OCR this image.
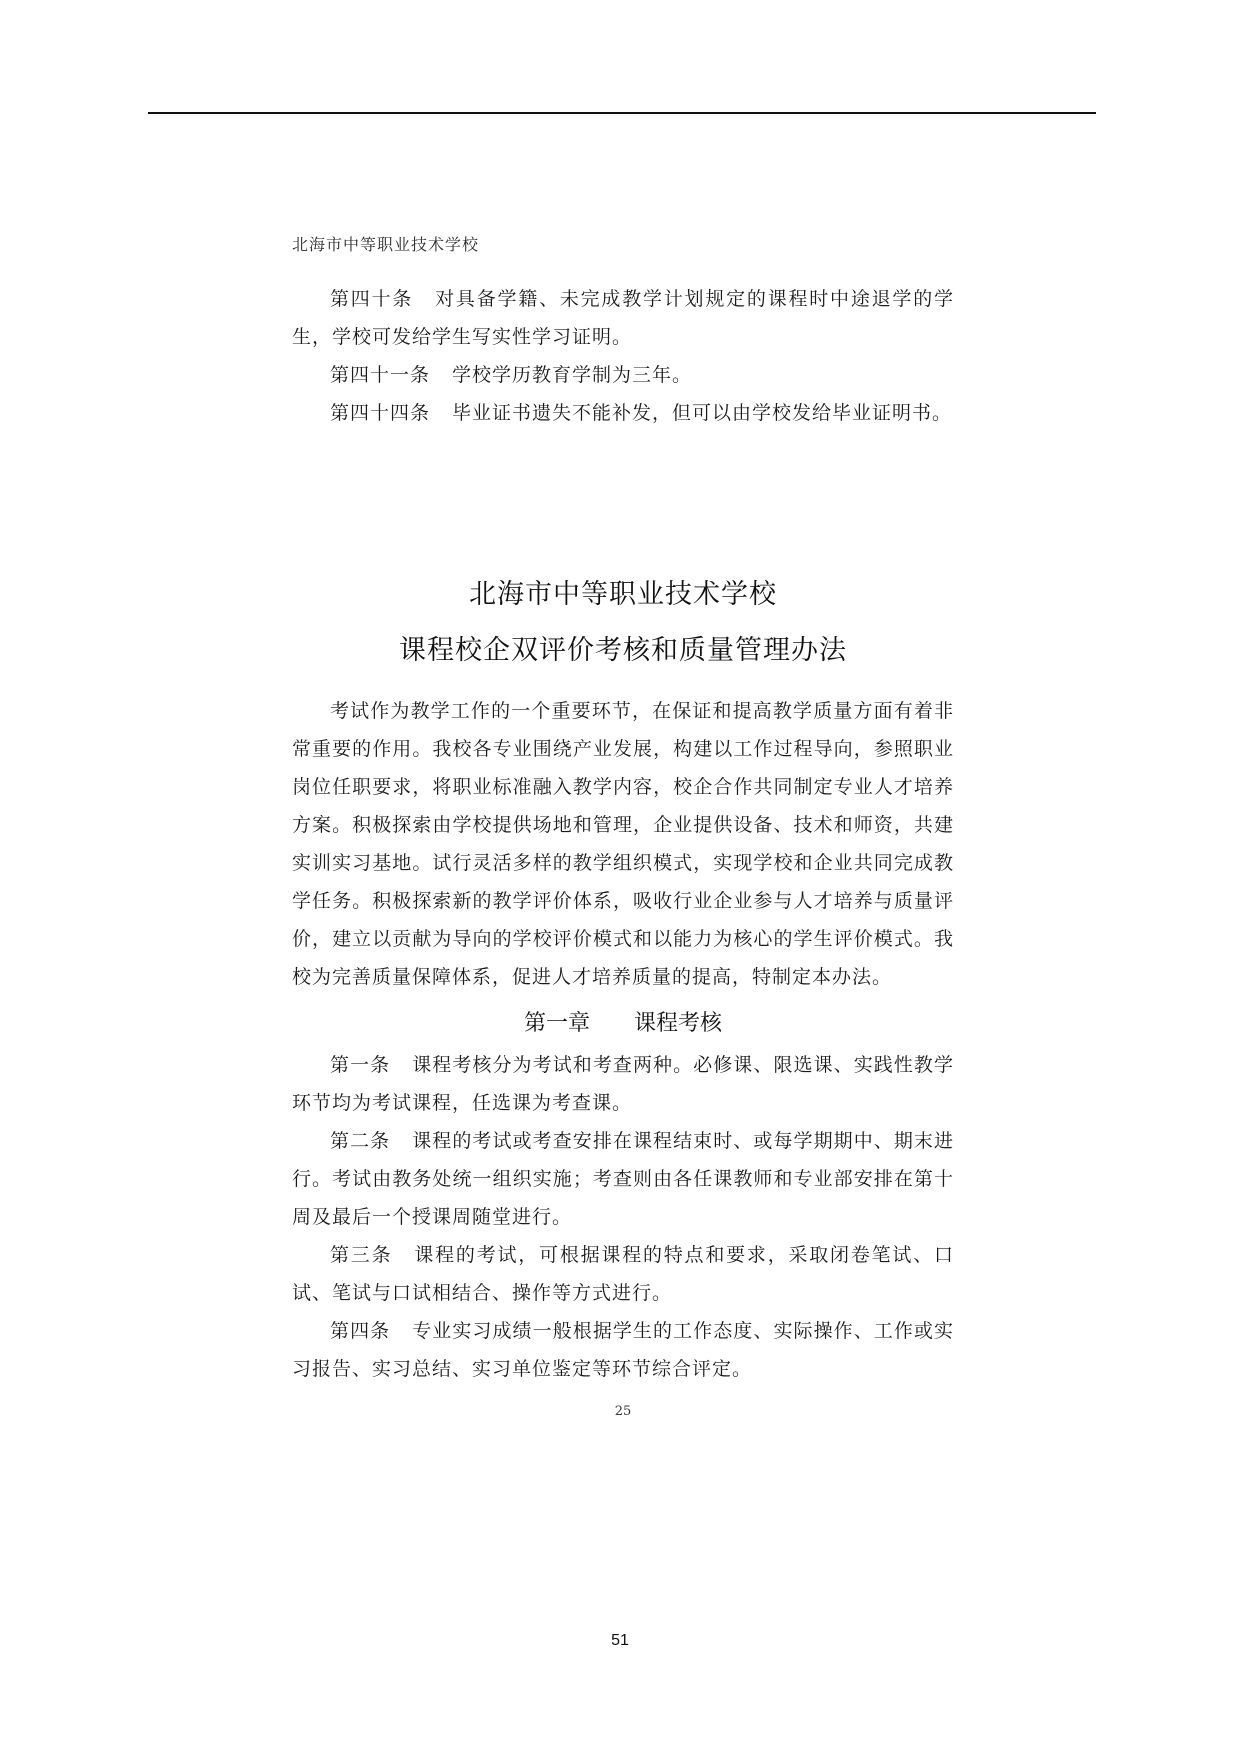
北海市中等职业技术学校

第四十条 对具备学籍、未完成教学计划规定的课程时中途退学的学生，学校可发给学生写实性学习证明。

第四十一条 学校学历教育学制为三年。

第四十四条 毕业证书遗失不能补发，但可以由学校发给毕业证明书。

北海市中等职业技术学校
课程校企双评价考核和质量管理办法

考试作为教学工作的一个重要环节，在保证和提高教学质量方面有着非常重要的作用。我校各专业围绕产业发展，构建以工作过程导向，参照职业岗位任职要求，将职业标准融入教学内容，校企合作共同制定专业人才培养方案。积极探索由学校提供场地和管理，企业提供设备、技术和师资，共建实训实习基地。试行灵活多样的教学组织模式，实现学校和企业共同完成教学任务。积极探索新的教学评价体系，吸收行业企业参与人才培养与质量评价，建立以贡献为导向的学校评价模式和以能力为核心的学生评价模式。我校为完善质量保障体系，促进人才培养质量的提高，特制定本办法。

第一章 课程考核

第一条 课程考核分为考试和考查两种。必修课、限选课、实践性教学环节均为考试课程，任选课为考查课。

第二条 课程的考试或考查安排在课程结束时、或每学期期中、期末进行。考试由教务处统一组织实施；考查则由各任课教师和专业部安排在第十周及最后一个授课周随堂进行。

第三条 课程的考试，可根据课程的特点和要求，采取闭卷笔试、口试、笔试与口试相结合、操作等方式进行。

第四条 专业实习成绩一般根据学生的工作态度、实际操作、工作或实习报告、实习总结、实习单位鉴定等环节综合评定。

25
51
